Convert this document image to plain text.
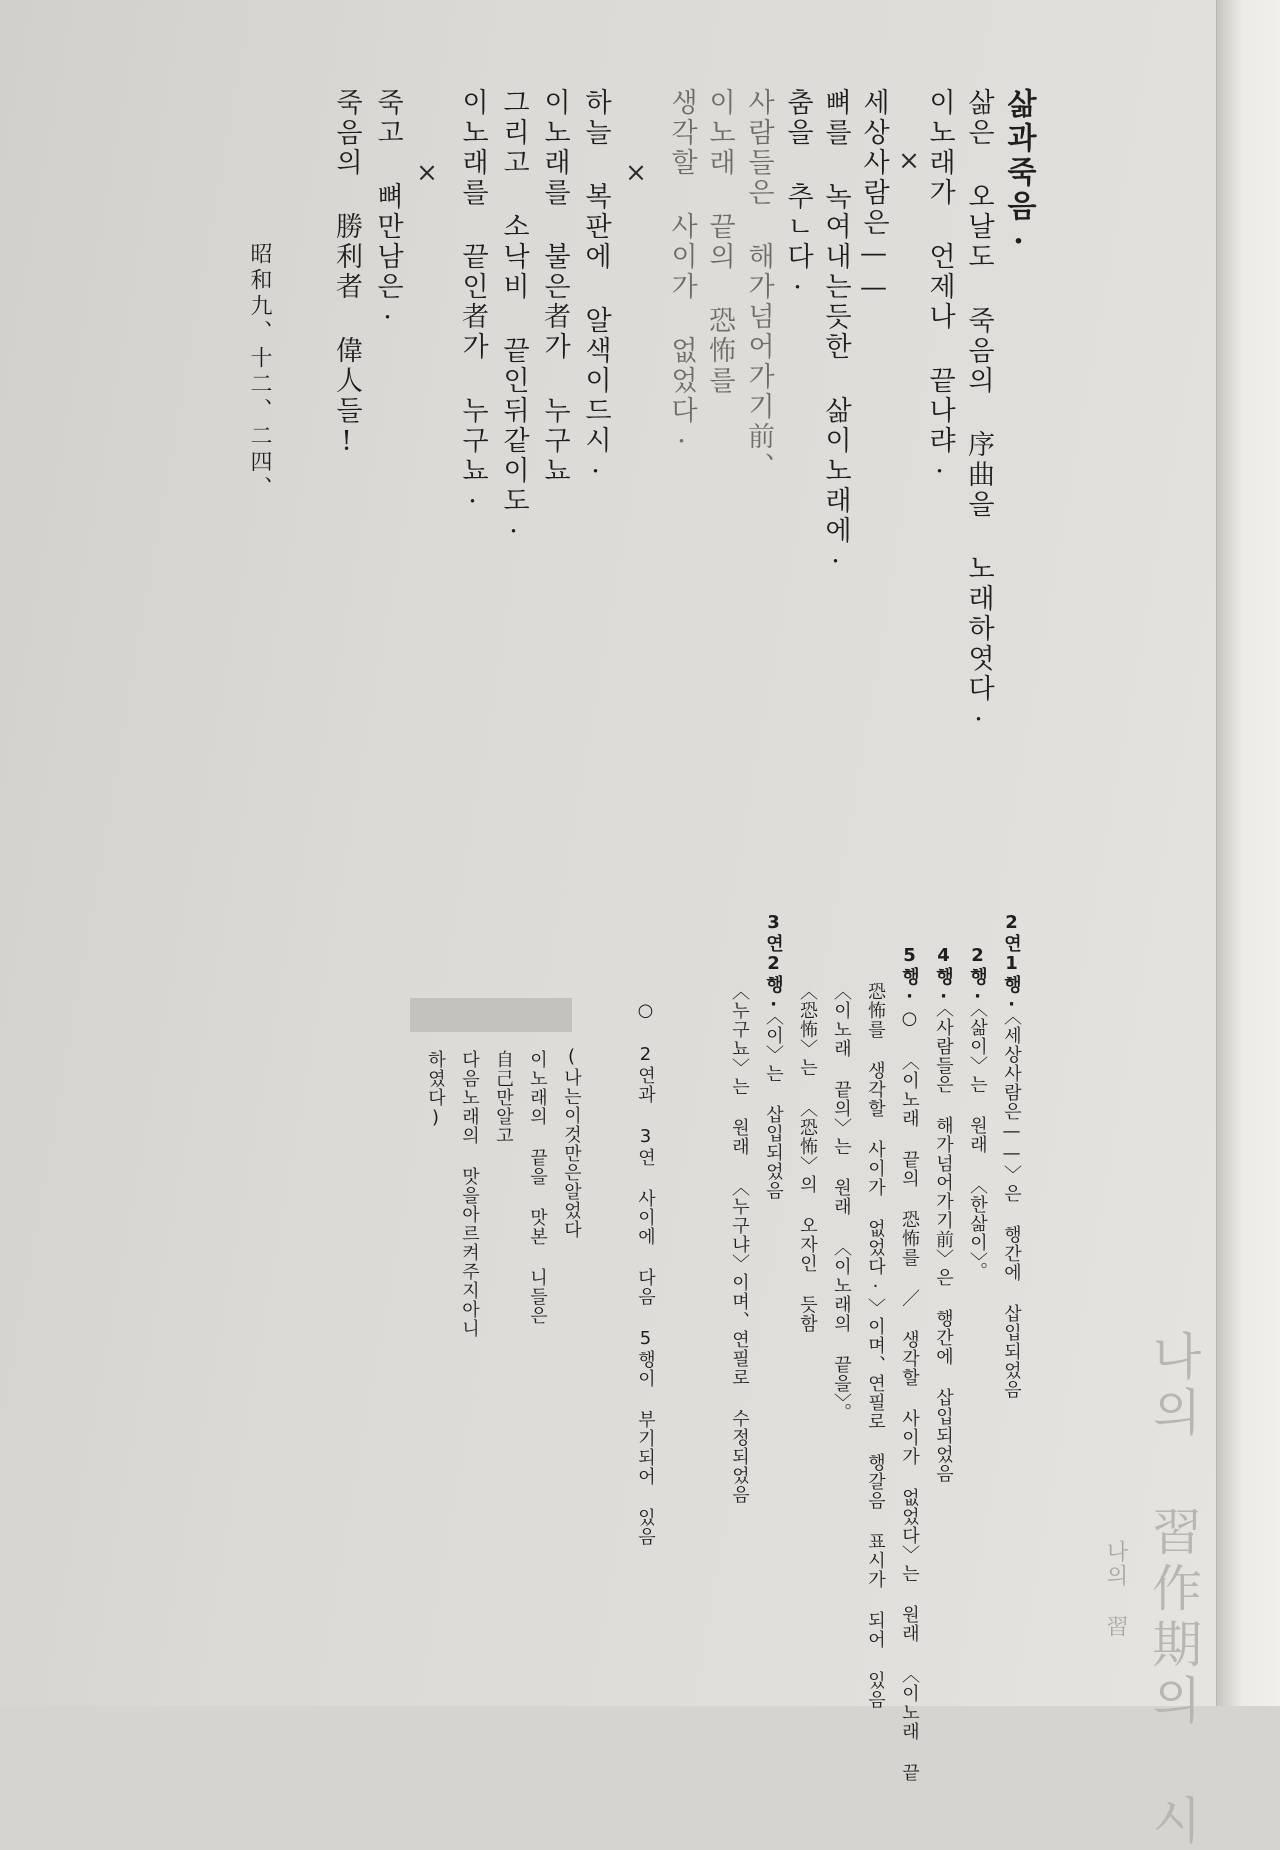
삶과죽음·
삶은 오날도 죽음의 序曲을 노래하엿다·
이노래가 언제나 끝나랴·
×
세상사람은——
뼈를 녹여내는듯한 삶이노래에·
춤을 추ㄴ다·
사람들은 해가넘어가기前、
이노래 끝의 恐怖를
생각할 사이가 없었다·
×
하늘 복판에 알색이드시·
이노래를 불은者가 누구뇨
그리고 소낙비 끝인뒤같이도·
이노래를 끝인者가 누구뇨·
×
죽고 뼈만남은·
죽음의 勝利者 偉人들!
昭和九、十二、二四、
2연1행·〈세상사람은——〉은 행간에 삽입되었음
2행·〈삶이〉는 원래 〈한삶이〉。
4행·〈사람들은 해가넘어가기前〉은 행간에 삽입되었음
5행·○ 〈이노래 끝의 恐怖를 ／ 생각할 사이가 없었다〉는 원래 〈이노래 끝
恐怖를 생각할 사이가 없었다·〉이며、연필로 행갈음 표시가 되어 있음
〈이노래 끝의〉는 원래 〈이노래의 끝을〉。
〈恐怖〉는 〈恐怖〉의 오자인 듯함
3연2행·〈이〉는 삽입되었음
〈누구뇨〉는 원래 〈누구냐〉이며、연필로 수정되었음
○ 2연과 3연 사이에 다음 5행이 부기되어 있음
(나는이것만은알었다
이노래의 끝을 맛본 니들은
自己만알고
다음노래의 맛을아르켜주지아니
하였다)
나의 習作期의 시
나의 習
